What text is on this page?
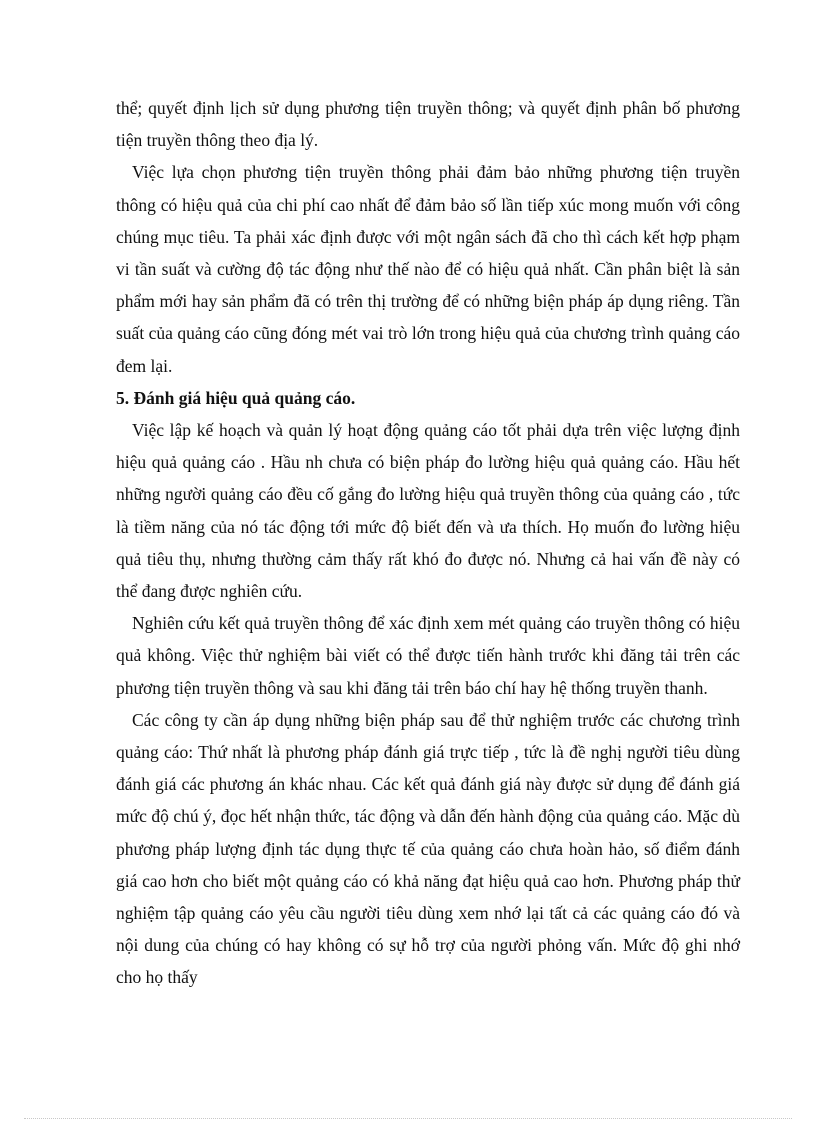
thể; quyết định lịch sử dụng phương tiện truyền thông; và quyết định phân bố phương tiện truyền thông theo địa lý.

Việc lựa chọn phương tiện truyền thông phải đảm bảo những phương tiện truyền thông có hiệu quả của chi phí cao nhất để đảm bảo số lần tiếp xúc mong muốn với công chúng mục tiêu. Ta phải xác định được với một ngân sách đã cho thì cách kết hợp phạm vi tần suất và cường độ tác động như thế nào để có hiệu quả nhất. Cần phân biệt là sản phẩm mới hay sản phẩm đã có trên thị trường để có những biện pháp áp dụng riêng. Tần suất của quảng cáo cũng đóng mét vai trò lớn trong hiệu quả của chương trình quảng cáo đem lại.

5. Đánh giá hiệu quả quảng cáo.

Việc lập kế hoạch và quản lý hoạt động quảng cáo tốt phải dựa trên việc lượng định hiệu quả quảng cáo . Hầu nh chưa có biện pháp đo lường hiệu quả quảng cáo. Hầu hết những người quảng cáo đều cố gắng đo lường hiệu quả truyền thông của quảng cáo , tức là tiềm năng của nó tác động tới mức độ biết đến và ưa thích. Họ muốn đo lường hiệu quả tiêu thụ, nhưng thường cảm thấy rất khó đo được nó. Nhưng cả hai vấn đề này có thể đang được nghiên cứu.

Nghiên cứu kết quả truyền thông để xác định xem mét quảng cáo truyền thông có hiệu quả không. Việc thử nghiệm bài viết có thể được tiến hành trước khi đăng tải trên các phương tiện truyền thông và sau khi đăng tải trên báo chí hay hệ thống truyền thanh.

Các công ty cần áp dụng những biện pháp sau để thử nghiệm trước các chương trình quảng cáo: Thứ nhất là phương pháp đánh giá trực tiếp , tức là đề nghị người tiêu dùng đánh giá các phương án khác nhau. Các kết quả đánh giá này được sử dụng để đánh giá mức độ chú ý, đọc hết nhận thức, tác động và dẫn đến hành động của quảng cáo. Mặc dù phương pháp lượng định tác dụng thực tế của quảng cáo chưa hoàn hảo, số điểm đánh giá cao hơn cho biết một quảng cáo có khả năng đạt hiệu quả cao hơn. Phương pháp thử nghiệm tập quảng cáo yêu cầu người tiêu dùng xem nhớ lại tất cả các quảng cáo đó và nội dung của chúng có hay không có sự hỗ trợ của người phỏng vấn. Mức độ ghi nhớ cho họ thấy
